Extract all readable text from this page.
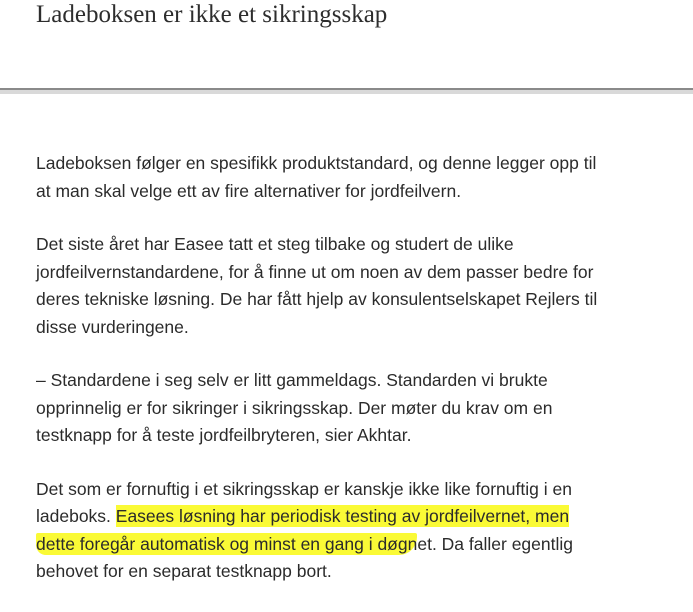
Ladeboksen er ikke et sikringsskap

Ladeboksen følger en spesifikk produktstandard, og denne legger opp til
at man skal velge ett av fire alternativer for jordfeilvern.

Det siste året har Easee tatt et steg tilbake og studert de ulike
jordfeilvernstandardene, for å finne ut om noen av dem passer bedre for
deres tekniske løsning. De har fått hjelp av konsulentselskapet Rejlers til
disse vurderingene.

– Standardene i seg selv er litt gammeldags. Standarden vi brukte
opprinnelig er for sikringer i sikringsskap. Der møter du krav om en
testknapp for å teste jordfeilbryteren, sier Akhtar.

Det som er fornuftig i et sikringsskap er kanskje ikke like fornuftig i en
ladeboks. Easees løsning har periodisk testing av jordfeilvernet, men
dette foregår automatisk og minst en gang i døgnet. Da faller egentlig
behovet for en separat testknapp bort.
